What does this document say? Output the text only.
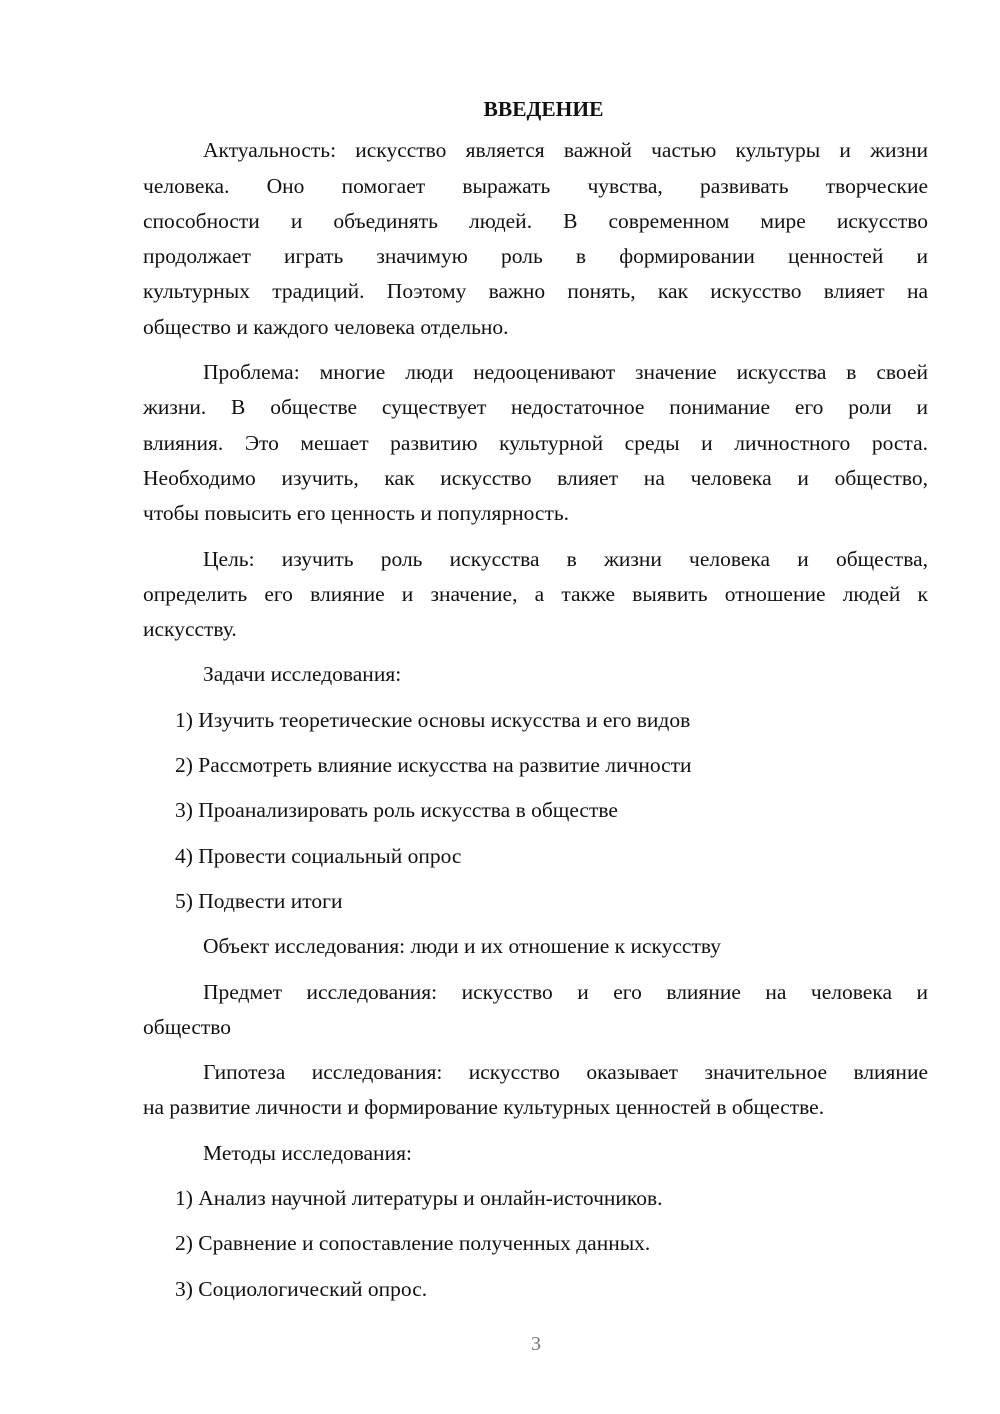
ВВЕДЕНИЕ
Актуальность: искусство является важной частью культуры и жизни
человека. Оно помогает выражать чувства, развивать творческие
способности и объединять людей. В современном мире искусство
продолжает играть значимую роль в формировании ценностей и
культурных традиций. Поэтому важно понять, как искусство влияет на
общество и каждого человека отдельно.
Проблема: многие люди недооценивают значение искусства в своей
жизни. В обществе существует недостаточное понимание его роли и
влияния. Это мешает развитию культурной среды и личностного роста.
Необходимо изучить, как искусство влияет на человека и общество,
чтобы повысить его ценность и популярность.
Цель: изучить роль искусства в жизни человека и общества,
определить его влияние и значение, а также выявить отношение людей к
искусству.
Задачи исследования:
1) Изучить теоретические основы искусства и его видов
2) Рассмотреть влияние искусства на развитие личности
3) Проанализировать роль искусства в обществе
4) Провести социальный опрос
5) Подвести итоги
Объект исследования: люди и их отношение к искусству
Предмет исследования: искусство и его влияние на человека и
общество
Гипотеза исследования: искусство оказывает значительное влияние
на развитие личности и формирование культурных ценностей в обществе.
Методы исследования:
1) Анализ научной литературы и онлайн-источников.
2) Сравнение и сопоставление полученных данных.
3) Социологический опрос.
3
